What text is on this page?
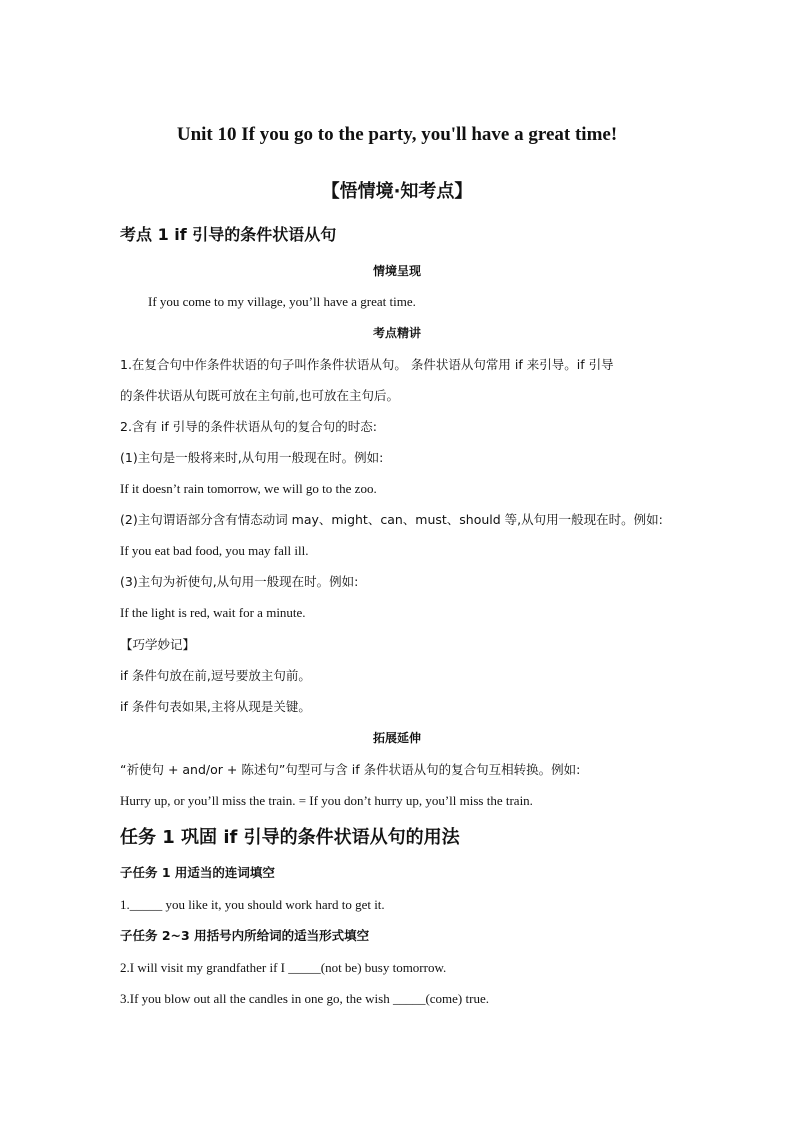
Unit 10 If you go to the party, you'll have a great time!
【悟情境·知考点】
考点 1 if 引导的条件状语从句
情境呈现
If you come to my village, you’ll have a great time.
考点精讲
1.在复合句中作条件状语的句子叫作条件状语从句。 条件状语从句常用 if 来引导。if 引导
的条件状语从句既可放在主句前,也可放在主句后。
2.含有 if 引导的条件状语从句的复合句的时态:
(1)主句是一般将来时,从句用一般现在时。例如:
If it doesn’t rain tomorrow, we will go to the zoo.
(2)主句谓语部分含有情态动词 may、might、can、must、should 等,从句用一般现在时。例如:
If you eat bad food, you may fall ill.
(3)主句为祈使句,从句用一般现在时。例如:
If the light is red, wait for a minute.
【巧学妙记】
if 条件句放在前,逗号要放主句前。
if 条件句表如果,主将从现是关键。
拓展延伸
“祈使句 + and/or + 陈述句”句型可与含 if 条件状语从句的复合句互相转换。例如:
Hurry up, or you’ll miss the train. = If you don’t hurry up, you’ll miss the train.
任务 1 巩固 if 引导的条件状语从句的用法
子任务 1 用适当的连词填空
1._____ you like it, you should work hard to get it.
子任务 2~3 用括号内所给词的适当形式填空
2.I will visit my grandfather if I _____(not be) busy tomorrow.
3.If you blow out all the candles in one go, the wish _____(come) true.
